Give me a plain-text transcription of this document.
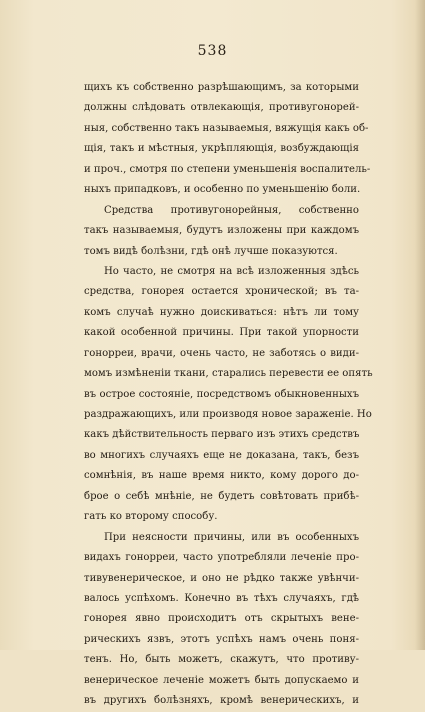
538
щихъ къ собственно разрѣшающимъ, за которыми
должны слѣдовать отвлекающія, противугонорей-
ныя, собственно такъ называемыя, вяжущія какъ об-
щія, такъ и мѣстныя, укрѣпляющія, возбуждающія
и проч., смотря по степени уменьшенія воспалитель-
ныхъ припадковъ, и особенно по уменьшенію боли.
Средства противугонорейныя, собственно
такъ называемыя, будутъ изложены при каждомъ
томъ видѣ болѣзни, гдѣ онѣ лучше показуются.
Но часто, не смотря на всѣ изложенныя здѣсь
средства, гонорея остается хронической; въ та-
комъ случаѣ нужно доискиваться: нѣтъ ли тому
какой особенной причины. При такой упорности
гонорреи, врачи, очень часто, не заботясь о види-
момъ измѣненіи ткани, старались перевести ее опять
въ острое состояніе, посредствомъ обыкновенныхъ
раздражающихъ, или производя новое зараженіе. Но
какъ дѣйствительность перваго изъ этихъ средствъ
во многихъ случаяхъ еще не доказана, такъ, безъ
сомнѣнія, въ наше время никто, кому дорого до-
брое о себѣ мнѣніе, не будетъ совѣтовать прибѣ-
гать ко второму способу.
При неясности причины, или въ особенныхъ
видахъ гонорреи, часто употребляли леченіе про-
тивувенерическое, и оно не рѣдко также увѣнчи-
валось успѣхомъ. Конечно въ тѣхъ случаяхъ, гдѣ
гонорея явно происходитъ отъ скрытыхъ вене-
рическихъ язвъ, этотъ успѣхъ намъ очень поня-
тенъ. Но, быть можетъ, скажутъ, что противу-
венерическое леченіе можетъ быть допускаемо и
въ другихъ болѣзняхъ, кромѣ венерическихъ, и
